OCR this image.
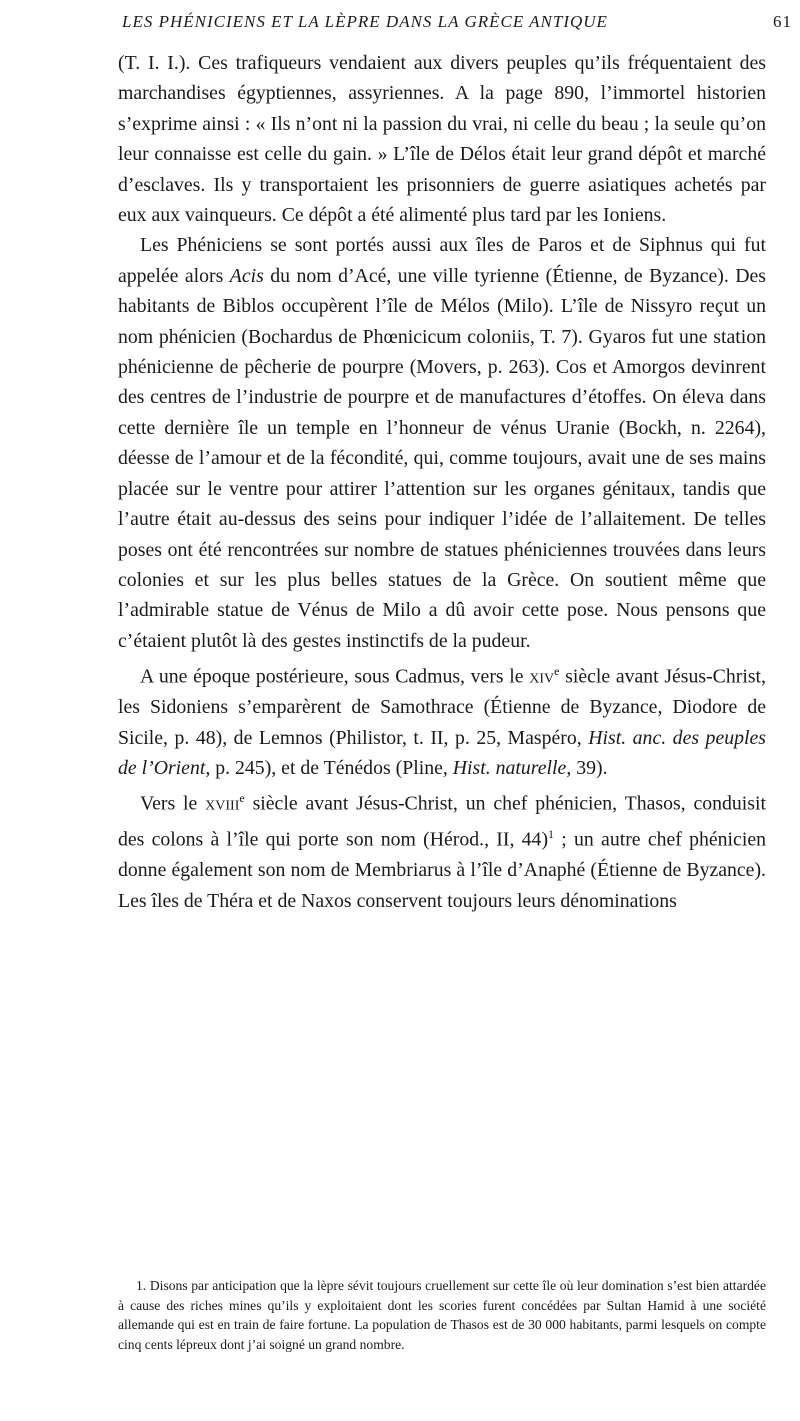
LES PHÉNICIENS ET LA LÈPRE DANS LA GRÈCE ANTIQUE	61

(T. I. I.). Ces trafiqueurs vendaient aux divers peuples qu’ils fréquentaient des marchandises égyptiennes, assyriennes. A la page 890, l’immortel historien s’exprime ainsi : « Ils n’ont ni la passion du vrai, ni celle du beau ; la seule qu’on leur connaisse est celle du gain. » L’île de Délos était leur grand dépôt et marché d’esclaves. Ils y transportaient les prisonniers de guerre asiatiques achetés par eux aux vainqueurs. Ce dépôt a été alimenté plus tard par les Ioniens.

Les Phéniciens se sont portés aussi aux îles de Paros et de Siphnus qui fut appelée alors Acis du nom d’Acé, une ville tyrienne (Étienne, de Byzance). Des habitants de Biblos occupèrent l’île de Mélos (Milo). L’île de Nissyro reçut un nom phénicien (Bochardus de Phœnicicum coloniis, T. 7). Gyaros fut une station phénicienne de pêcherie de pourpre (Movers, p. 263). Cos et Amorgos devinrent des centres de l’industrie de pourpre et de manufactures d’étoffes. On éleva dans cette dernière île un temple en l’honneur de vénus Uranie (Bockh, n. 2264), déesse de l’amour et de la fécondité, qui, comme toujours, avait une de ses mains placée sur le ventre pour attirer l’attention sur les organes génitaux, tandis que l’autre était au-dessus des seins pour indiquer l’idée de l’allaitement. De telles poses ont été rencontrées sur nombre de statues phéniciennes trouvées dans leurs colonies et sur les plus belles statues de la Grèce. On soutient même que l’admirable statue de Vénus de Milo a dû avoir cette pose. Nous pensons que c’étaient plutôt là des gestes instinctifs de la pudeur.

A une époque postérieure, sous Cadmus, vers le xiv$^e$ siècle avant Jésus-Christ, les Sidoniens s’emparèrent de Samothrace (Étienne de Byzance, Diodore de Sicile, p. 48), de Lemnos (Philistor, t. II, p. 25, Maspéro, Hist. anc. des peuples de l’Orient, p. 245), et de Ténédos (Pline, Hist. naturelle, 39).

Vers le xviii$^e$ siècle avant Jésus-Christ, un chef phénicien, Thasos, conduisit des colons à l’île qui porte son nom (Hérod., II, 44)$^1$ ; un autre chef phénicien donne également son nom de Membriarus à l’île d’Anaphé (Étienne de Byzance). Les îles de Théra et de Naxos conservent toujours leurs dénominations

1. Disons par anticipation que la lèpre sévit toujours cruellement sur cette île où leur domination s’est bien attardée à cause des riches mines qu’ils y exploitaient dont les scories furent concédées par Sultan Hamid à une société allemande qui est en train de faire fortune. La population de Thasos est de 30 000 habitants, parmi lesquels on compte cinq cents lépreux dont j’ai soigné un grand nombre.
